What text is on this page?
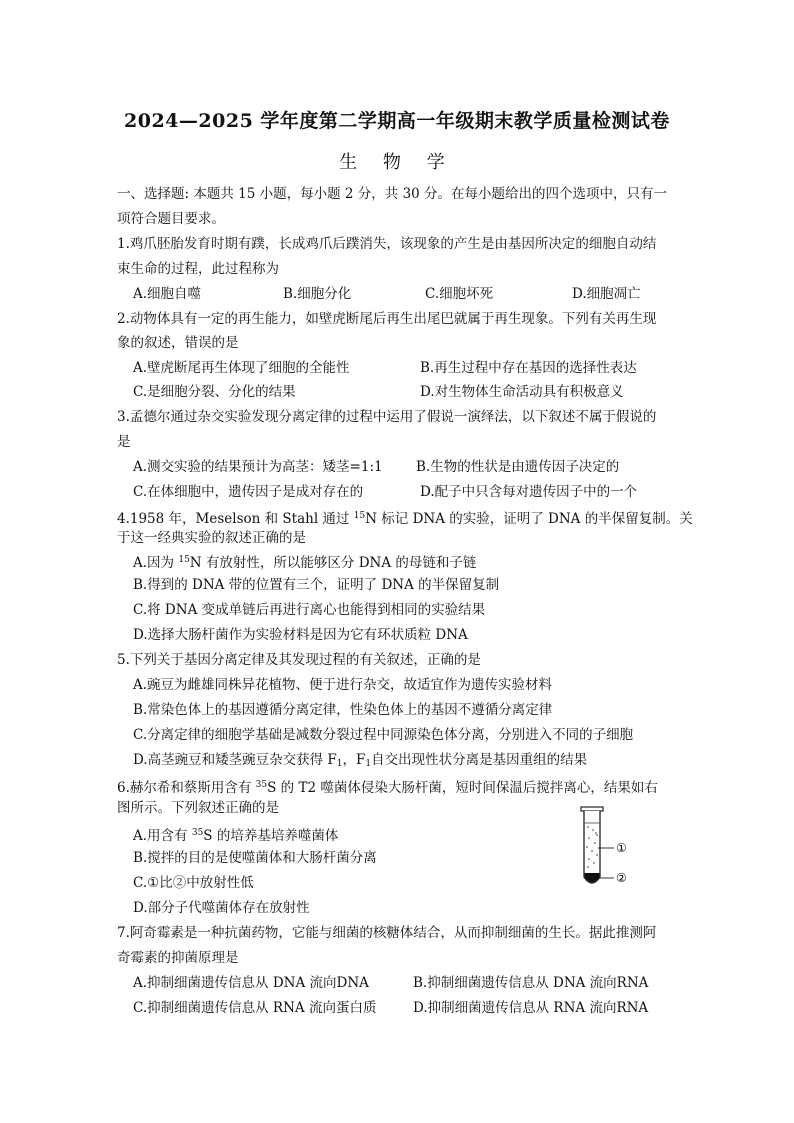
2024—2025 学年度第二学期高一年级期末教学质量检测试卷
生 物 学
一、选择题: 本题共 15 小题，每小题 2 分，共 30 分。在每小题给出的四个选项中，只有一
项符合题目要求。
1.鸡爪胚胎发育时期有蹼，长成鸡爪后蹼消失，该现象的产生是由基因所决定的细胞自动结
束生命的过程，此过程称为
A.细胞自噬	B.细胞分化	C.细胞坏死	D.细胞凋亡
2.动物体具有一定的再生能力，如壁虎断尾后再生出尾巴就属于再生现象。下列有关再生现
象的叙述，错误的是
A.壁虎断尾再生体现了细胞的全能性	B.再生过程中存在基因的选择性表达
C.是细胞分裂、分化的结果	D.对生物体生命活动具有积极意义
3.孟德尔通过杂交实验发现分离定律的过程中运用了假说一演绎法，以下叙述不属于假说的
是
A.测交实验的结果预计为高茎：矮茎=1:1 B.生物的性状是由遗传因子决定的
C.在体细胞中，遗传因子是成对存在的	D.配子中只含每对遗传因子中的一个
4.1958 年，Meselson 和 Stahl 通过 $^{15}$N 标记 DNA 的实验，证明了 DNA 的半保留复制。关
于这一经典实验的叙述正确的是
A.因为 $^{15}$N 有放射性，所以能够区分 DNA 的母链和子链
B.得到的 DNA 带的位置有三个，证明了 DNA 的半保留复制
C.将 DNA 变成单链后再进行离心也能得到相同的实验结果
D.选择大肠杆菌作为实验材料是因为它有环状质粒 DNA
5.下列关于基因分离定律及其发现过程的有关叙述，正确的是
A.豌豆为雌雄同株异花植物、便于进行杂交，故适宜作为遗传实验材料
B.常染色体上的基因遵循分离定律，性染色体上的基因不遵循分离定律
C.分离定律的细胞学基础是减数分裂过程中同源染色体分离，分别进入不同的子细胞
D.高茎豌豆和矮茎豌豆杂交获得 $F_1$，$F_1$自交出现性状分离是基因重组的结果
6.赫尔希和蔡斯用含有 $^{35}$S 的 T2 噬菌体侵染大肠杆菌，短时间保温后搅拌离心，结果如右
图所示。下列叙述正确的是
A.用含有 $^{35}$S 的培养基培养噬菌体
B.搅拌的目的是使噬菌体和大肠杆菌分离
C.①比②中放射性低
D.部分子代噬菌体存在放射性
①
②
7.阿奇霉素是一种抗菌药物，它能与细菌的核糖体结合，从而抑制细菌的生长。据此推测阿
奇霉素的抑菌原理是
A.抑制细菌遗传信息从 DNA 流向DNA	B.抑制细菌遗传信息从 DNA 流向RNA
C.抑制细菌遗传信息从 RNA 流向蛋白质	D.抑制细菌遗传信息从 RNA 流向RNA
